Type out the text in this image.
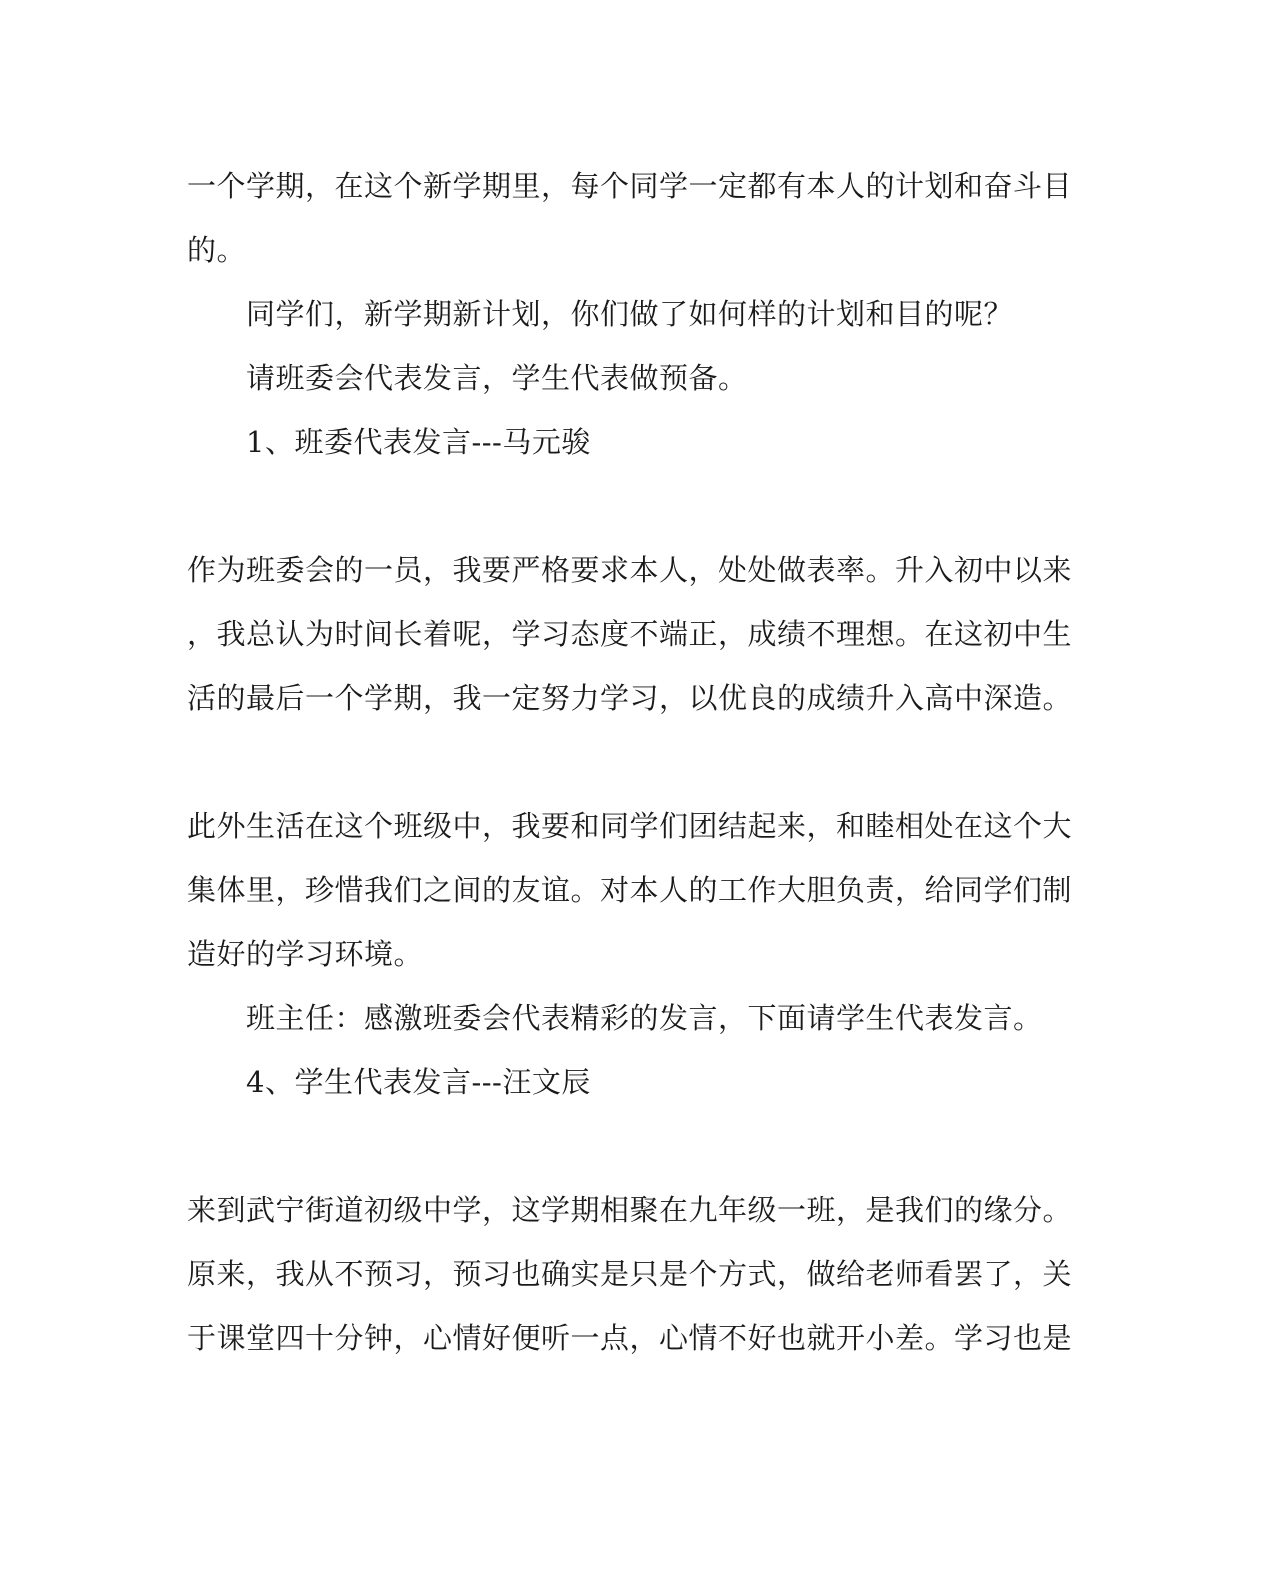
一个学期，在这个新学期里，每个同学一定都有本人的计划和奋斗目
的。
同学们，新学期新计划，你们做了如何样的计划和目的呢？
请班委会代表发言，学生代表做预备。
1、班委代表发言---马元骏
作为班委会的一员，我要严格要求本人，处处做表率。升入初中以来
，我总认为时间长着呢，学习态度不端正，成绩不理想。在这初中生
活的最后一个学期，我一定努力学习，以优良的成绩升入高中深造。
此外生活在这个班级中，我要和同学们团结起来，和睦相处在这个大
集体里，珍惜我们之间的友谊。对本人的工作大胆负责，给同学们制
造好的学习环境。
班主任：感激班委会代表精彩的发言，下面请学生代表发言。
4、学生代表发言---汪文辰
来到武宁街道初级中学，这学期相聚在九年级一班，是我们的缘分。
原来，我从不预习，预习也确实是只是个方式，做给老师看罢了，关
于课堂四十分钟，心情好便听一点，心情不好也就开小差。学习也是
